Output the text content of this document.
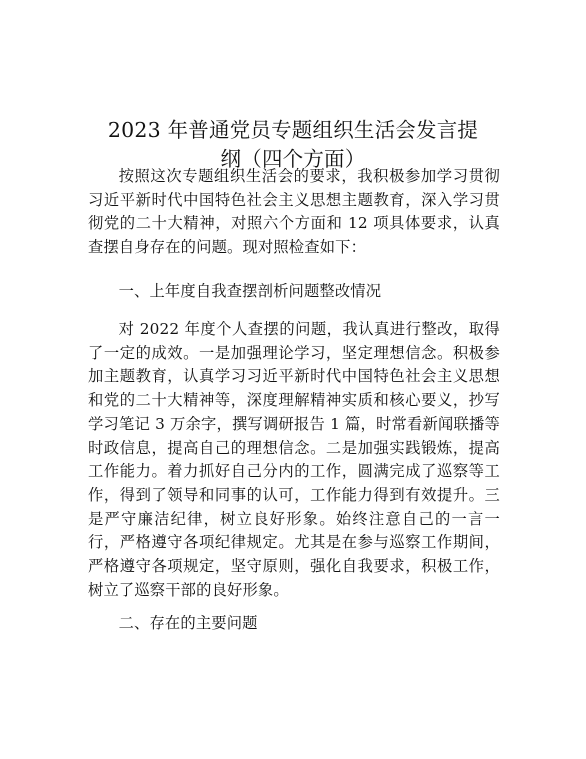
2023 年普通党员专题组织生活会发言提纲（四个方面）

按照这次专题组织生活会的要求，我积极参加学习贯彻习近平新时代中国特色社会主义思想主题教育，深入学习贯彻党的二十大精神，对照六个方面和 12 项具体要求，认真查摆自身存在的问题。现对照检查如下：

一、上年度自我查摆剖析问题整改情况

对 2022 年度个人查摆的问题，我认真进行整改，取得了一定的成效。一是加强理论学习，坚定理想信念。积极参加主题教育，认真学习习近平新时代中国特色社会主义思想和党的二十大精神等，深度理解精神实质和核心要义，抄写学习笔记 3 万余字，撰写调研报告 1 篇，时常看新闻联播等时政信息，提高自己的理想信念。二是加强实践锻炼，提高工作能力。着力抓好自己分内的工作，圆满完成了巡察等工作，得到了领导和同事的认可，工作能力得到有效提升。三是严守廉洁纪律，树立良好形象。始终注意自己的一言一行，严格遵守各项纪律规定。尤其是在参与巡察工作期间，严格遵守各项规定，坚守原则，强化自我要求，积极工作，树立了巡察干部的良好形象。

二、存在的主要问题
